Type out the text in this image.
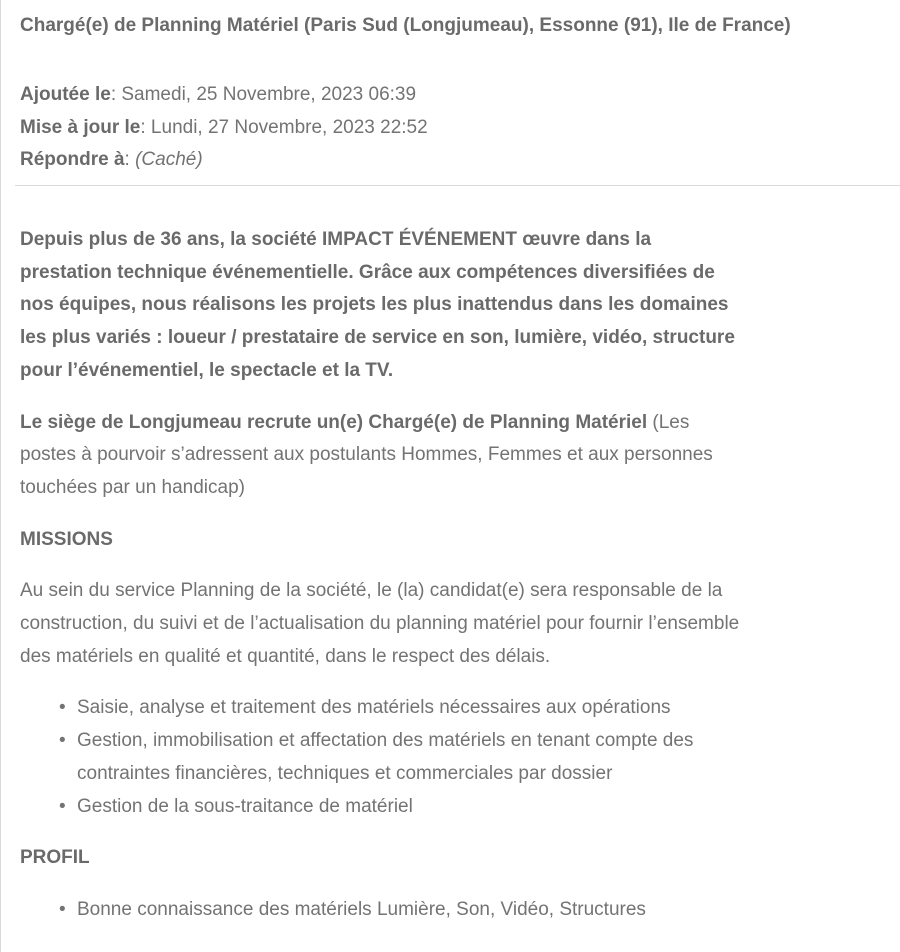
Chargé(e) de Planning Matériel (Paris Sud (Longjumeau), Essonne (91), Ile de France)
Ajoutée le: Samedi, 25 Novembre, 2023 06:39
Mise à jour le: Lundi, 27 Novembre, 2023 22:52
Répondre à: (Caché)

Depuis plus de 36 ans, la société IMPACT ÉVÉNEMENT œuvre dans la prestation technique événementielle. Grâce aux compétences diversifiées de nos équipes, nous réalisons les projets les plus inattendus dans les domaines les plus variés : loueur / prestataire de service en son, lumière, vidéo, structure pour l’événementiel, le spectacle et la TV.

Le siège de Longjumeau recrute un(e) Chargé(e) de Planning Matériel (Les postes à pourvoir s’adressent aux postulants Hommes, Femmes et aux personnes touchées par un handicap)

MISSIONS

Au sein du service Planning de la société, le (la) candidat(e) sera responsable de la construction, du suivi et de l’actualisation du planning matériel pour fournir l’ensemble des matériels en qualité et quantité, dans le respect des délais.

• Saisie, analyse et traitement des matériels nécessaires aux opérations
• Gestion, immobilisation et affectation des matériels en tenant compte des contraintes financières, techniques et commerciales par dossier
• Gestion de la sous-traitance de matériel
PROFIL
• Bonne connaissance des matériels Lumière, Son, Vidéo, Structures
